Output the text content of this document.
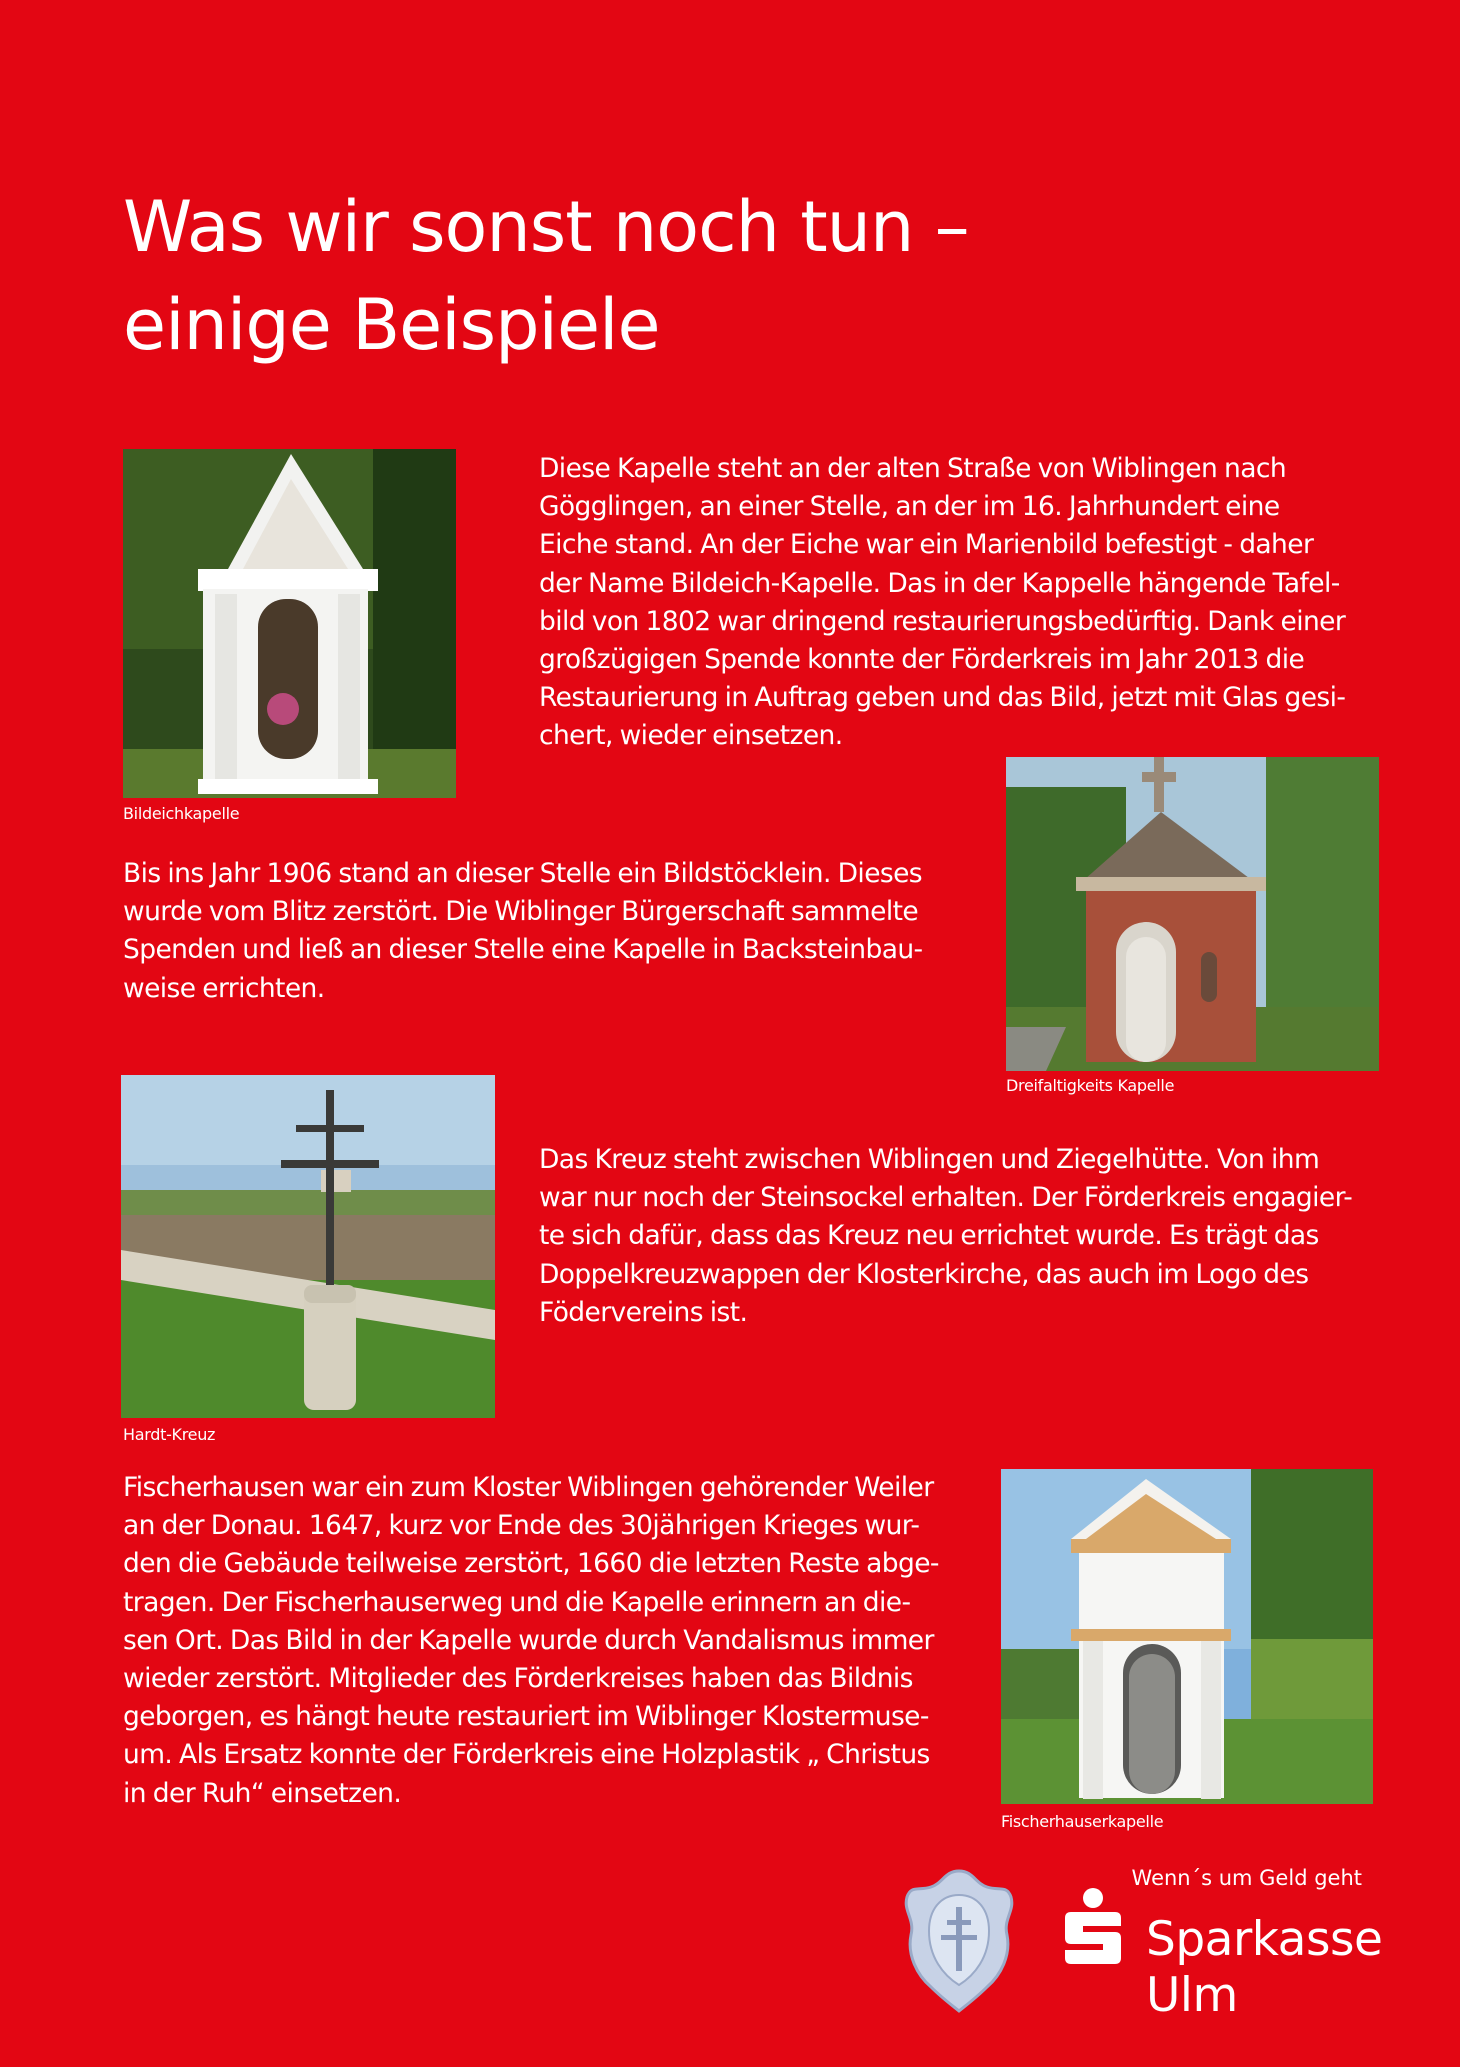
Was wir sonst noch tun –
einige Beispiele
Bildeichkapelle
Diese Kapelle steht an der alten Straße von Wiblingen nach
Gögglingen, an einer Stelle, an der im 16. Jahrhundert eine
Eiche stand. An der Eiche war ein Marienbild befestigt - daher
der Name Bildeich-Kapelle. Das in der Kappelle hängende Tafel-
bild von 1802 war dringend restaurierungsbedürftig. Dank einer
großzügigen Spende konnte der Förderkreis im Jahr 2013 die
Restaurierung in Auftrag geben und das Bild, jetzt mit Glas gesi-
chert, wieder einsetzen.
Bis ins Jahr 1906 stand an dieser Stelle ein Bildstöcklein. Dieses
wurde vom Blitz zerstört. Die Wiblinger Bürgerschaft sammelte
Spenden und ließ an dieser Stelle eine Kapelle in Backsteinbau-
weise errichten.
Dreifaltigkeits Kapelle
Hardt-Kreuz
Das Kreuz steht zwischen Wiblingen und Ziegelhütte. Von ihm
war nur noch der Steinsockel erhalten. Der Förderkreis engagier-
te sich dafür, dass das Kreuz neu errichtet wurde. Es trägt das
Doppelkreuzwappen der Klosterkirche, das auch im Logo des
Födervereins ist.
Fischerhausen war ein zum Kloster Wiblingen gehörender Weiler
an der Donau. 1647, kurz vor Ende des 30jährigen Krieges wur-
den die Gebäude teilweise zerstört, 1660 die letzten Reste abge-
tragen. Der Fischerhauserweg und die Kapelle erinnern an die-
sen Ort. Das Bild in der Kapelle wurde durch Vandalismus immer
wieder zerstört. Mitglieder des Förderkreises haben das Bildnis
geborgen, es hängt heute restauriert im Wiblinger Klostermuse-
um. Als Ersatz konnte der Förderkreis eine Holzplastik „ Christus
in der Ruh“ einsetzen.
Fischerhauserkapelle
Wenn´s um Geld geht
Sparkasse
Ulm
